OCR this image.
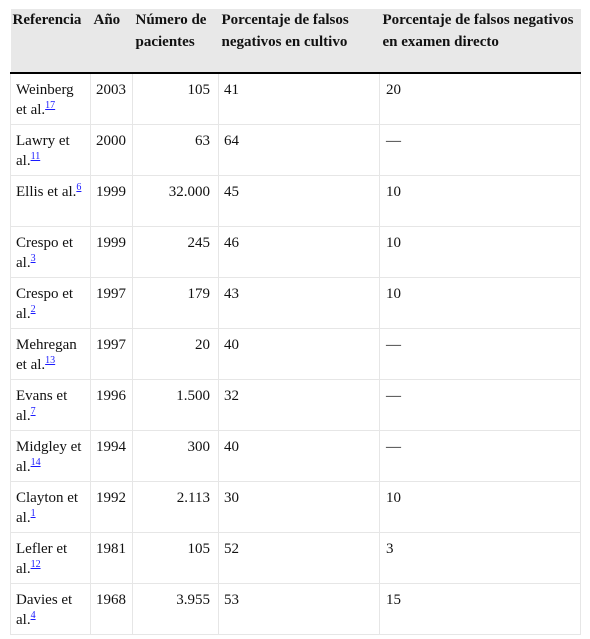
Referencia	Año	Número de pacientes	Porcentaje de falsos negativos en cultivo	Porcentaje de falsos negativos en examen directo
Weinberg et al.$^{17}$	2003	105	41	20
Lawry et al.$^{11}$	2000	63	64	—
Ellis et al.$^6$	1999	32.000	45	10
Crespo et al.$^3$	1999	245	46	10
Crespo et al.$^2$	1997	179	43	10
Mehregan et al.$^{13}$	1997	20	40	—
Evans et al.$^7$	1996	1.500	32	—
Midgley et al.$^{14}$	1994	300	40	—
Clayton et al.$^1$	1992	2.113	30	10
Lefler et al.$^{12}$	1981	105	52	3
Davies et al.$^4$	1968	3.955	53	15
